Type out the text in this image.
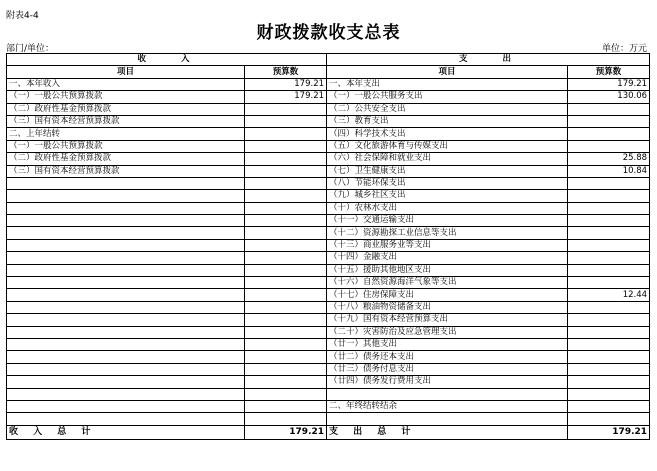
附表4-4
财政拨款收支总表
部门/单位：	单位：万元
收　　入		支　　出	
项目	预算数	项目	预算数
一、本年收入	179.21	一、本年支出	179.21
（一）一般公共预算拨款	179.21	（一）一般公共服务支出	130.06
（二）政府性基金预算拨款		（二）公共安全支出	
（三）国有资本经营预算拨款		（三）教育支出	
二、上年结转		（四）科学技术支出	
（一）一般公共预算拨款		（五）文化旅游体育与传媒支出	
（二）政府性基金预算拨款		（六）社会保障和就业支出	25.88
（三）国有资本经营预算拨款		（七）卫生健康支出	10.84
		（八）节能环保支出	
		（九）城乡社区支出	
		（十）农林水支出	
		（十一）交通运输支出	
		（十二）资源勘探工业信息等支出	
		（十三）商业服务业等支出	
		（十四）金融支出	
		（十五）援助其他地区支出	
		（十六）自然资源海洋气象等支出	
		（十七）住房保障支出	12.44
		（十八）粮油物资储备支出	
		（十九）国有资本经营预算支出	
		（二十）灾害防治及应急管理支出	
		（廿一）其他支出	
		（廿二）债务还本支出	
		（廿三）债务付息支出	
		（廿四）债务发行费用支出	

		二、年终结转结余	

收 入 总 计	179.21	支 出 总 计	179.21
